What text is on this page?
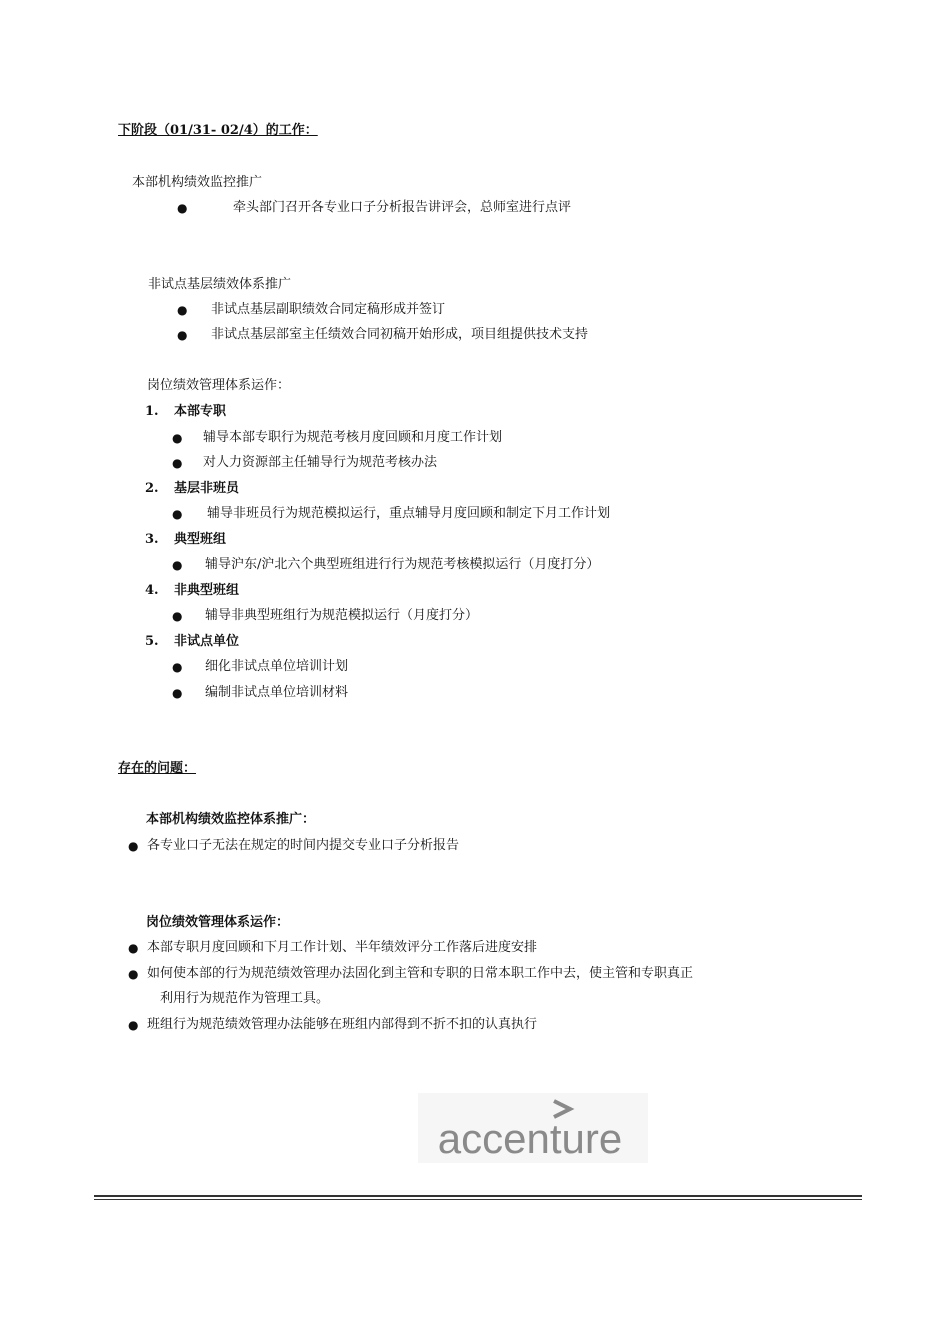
下阶段（01/31- 02/4）的工作：
本部机构绩效监控推广
●	牵头部门召开各专业口子分析报告讲评会，总师室进行点评
非试点基层绩效体系推广
● 非试点基层副职绩效合同定稿形成并签订
● 非试点基层部室主任绩效合同初稿开始形成，项目组提供技术支持
岗位绩效管理体系运作：
1. 本部专职
● 辅导本部专职行为规范考核月度回顾和月度工作计划
● 对人力资源部主任辅导行为规范考核办法
2. 基层非班员
● 辅导非班员行为规范模拟运行，重点辅导月度回顾和制定下月工作计划
3. 典型班组
● 辅导沪东/沪北六个典型班组进行行为规范考核模拟运行（月度打分）
4. 非典型班组
● 辅导非典型班组行为规范模拟运行（月度打分）
5. 非试点单位
● 细化非试点单位培训计划
● 编制非试点单位培训材料
存在的问题：
本部机构绩效监控体系推广：
● 各专业口子无法在规定的时间内提交专业口子分析报告
岗位绩效管理体系运作：
● 本部专职月度回顾和下月工作计划、半年绩效评分工作落后进度安排
● 如何使本部的行为规范绩效管理办法固化到主管和专职的日常本职工作中去，使主管和专职真正
利用行为规范作为管理工具。
● 班组行为规范绩效管理办法能够在班组内部得到不折不扣的认真执行
accenture
